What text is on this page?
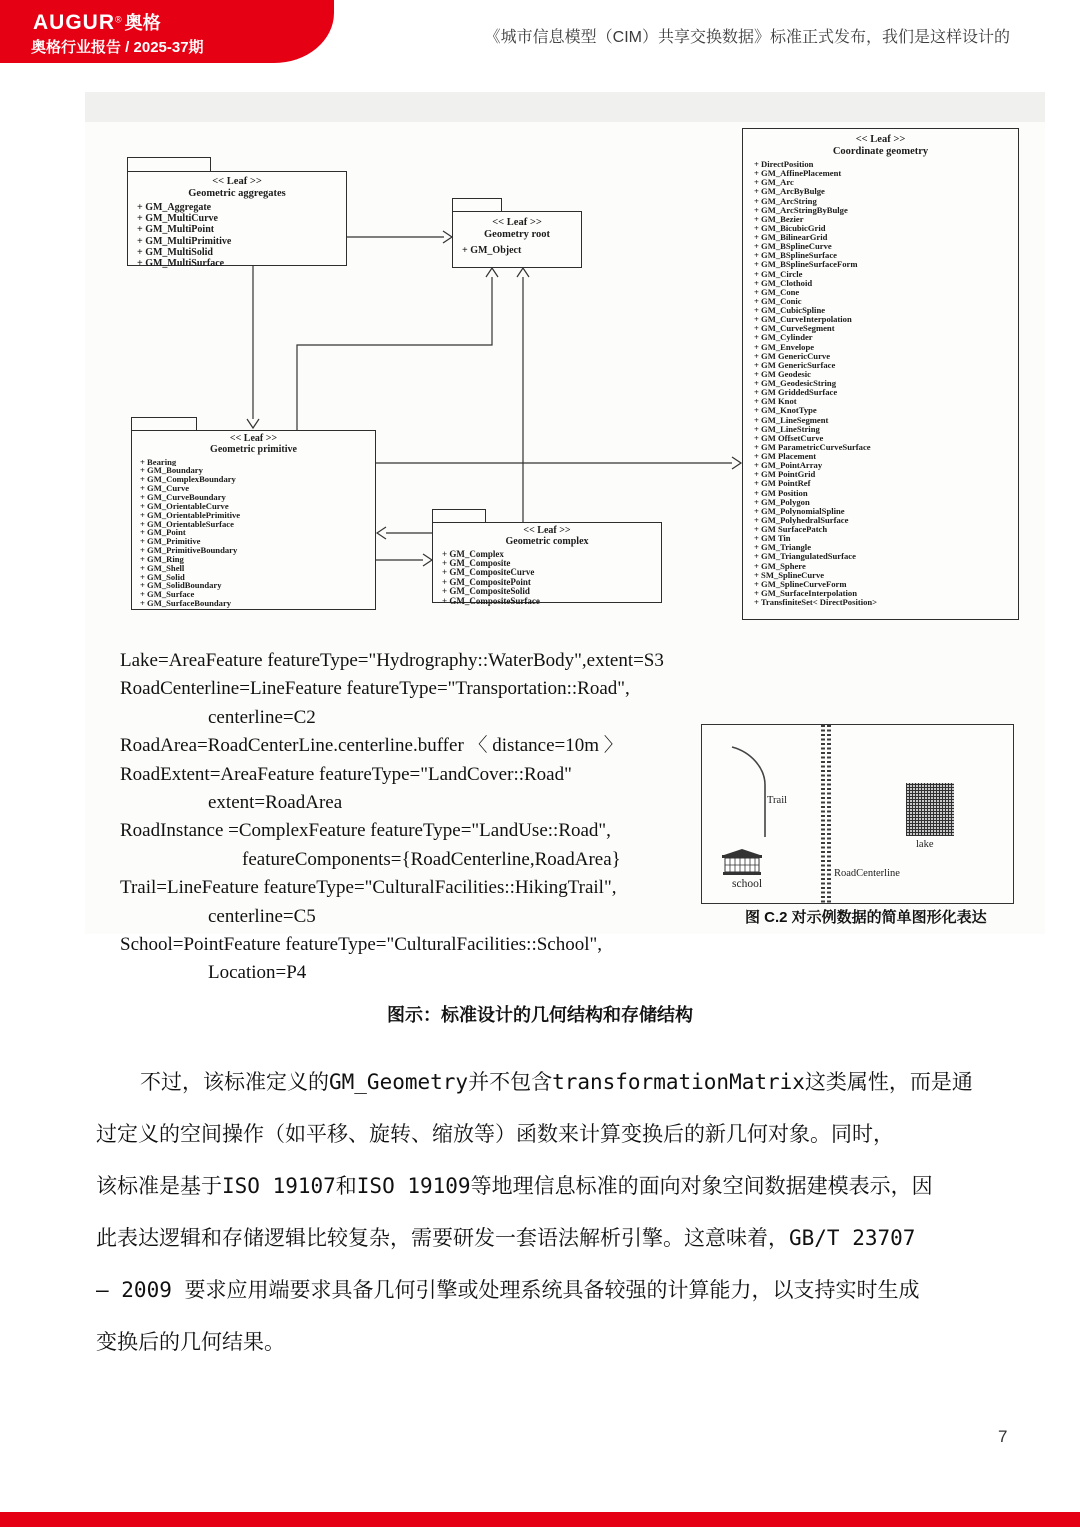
AUGUR® 奥格
奥格行业报告 / 2025-37期
《城市信息模型（CIM）共享交换数据》标准正式发布，我们是这样设计的
<< Leaf >>
Geometric aggregates
+ GM_Aggregate
+ GM_MultiCurve
+ GM_MultiPoint
+ GM_MultiPrimitive
+ GM_MultiSolid
+ GM_MultiSurface
<< Leaf >>
Geometry root
+ GM_Object
<< Leaf >>
Geometric primitive
+ Bearing
+ GM_Boundary
+ GM_ComplexBoundary
+ GM_Curve
+ GM_CurveBoundary
+ GM_OrientableCurve
+ GM_OrientablePrimitive
+ GM_OrientableSurface
+ GM_Point
+ GM_Primitive
+ GM_PrimitiveBoundary
+ GM_Ring
+ GM_Shell
+ GM_Solid
+ GM_SolidBoundary
+ GM_Surface
+ GM_SurfaceBoundary
<< Leaf >>
Geometric complex
+ GM_Complex
+ GM_Composite
+ GM_CompositeCurve
+ GM_CompositePoint
+ GM_CompositeSolid
+ GM_CompositeSurface
<< Leaf >>
Coordinate geometry
+ DirectPosition
+ GM_AffinePlacement
+ GM_Arc
+ GM_ArcByBulge
+ GM_ArcString
+ GM_ArcStringByBulge
+ GM_Bezier
+ GM_BicubicGrid
+ GM_BilinearGrid
+ GM_BSplineCurve
+ GM_BSplineSurface
+ GM_BSplineSurfaceForm
+ GM_Circle
+ GM_Clothoid
+ GM_Cone
+ GM_Conic
+ GM_CubicSpline
+ GM_CurveInterpolation
+ GM_CurveSegment
+ GM_Cylinder
+ GM_Envelope
+ GM GenericCurve
+ GM GenericSurface
+ GM Geodesic
+ GM_GeodesicString
+ GM GriddedSurface
+ GM Knot
+ GM_KnotType
+ GM_LineSegment
+ GM_LineString
+ GM OffsetCurve
+ GM ParametricCurveSurface
+ GM Placement
+ GM_PointArray
+ GM PointGrid
+ GM PointRef
+ GM Position
+ GM_Polygon
+ GM_PolynomialSpline
+ GM_PolyhedralSurface
+ GM SurfacePatch
+ GM Tin
+ GM_Triangle
+ GM_TriangulatedSurface
+ GM_Sphere
+ SM_SplineCurve
+ GM_SplineCurveForm
+ GM_SurfaceInterpolation
+ TransfiniteSet< DirectPosition>
Lake=AreaFeature featureType="Hydrography::WaterBody",extent=S3
RoadCenterline=LineFeature featureType="Transportation::Road",
centerline=C2
RoadArea=RoadCenterLine.centerline.buffer 〈 distance=10m 〉
RoadExtent=AreaFeature featureType="LandCover::Road"
extent=RoadArea
RoadInstance =ComplexFeature featureType="LandUse::Road",
featureComponents={RoadCenterline,RoadArea}
Trail=LineFeature featureType="CulturalFacilities::HikingTrail",
centerline=C5
School=PointFeature featureType="CulturalFacilities::School",
Location=P4
Trail
school
lake
RoadCenterline
图 C.2 对示例数据的简单图形化表达
图示：标准设计的几何结构和存储结构
不过，该标准定义的GM_Geometry并不包含transformationMatrix这类属性，而是通
过定义的空间操作（如平移、旋转、缩放等）函数来计算变换后的新几何对象。同时，
该标准是基于ISO 19107和ISO 19109等地理信息标准的面向对象空间数据建模表示，因
此表达逻辑和存储逻辑比较复杂，需要研发一套语法解析引擎。这意味着，GB/T 23707
– 2009 要求应用端要求具备几何引擎或处理系统具备较强的计算能力，以支持实时生成
变换后的几何结果。
7
